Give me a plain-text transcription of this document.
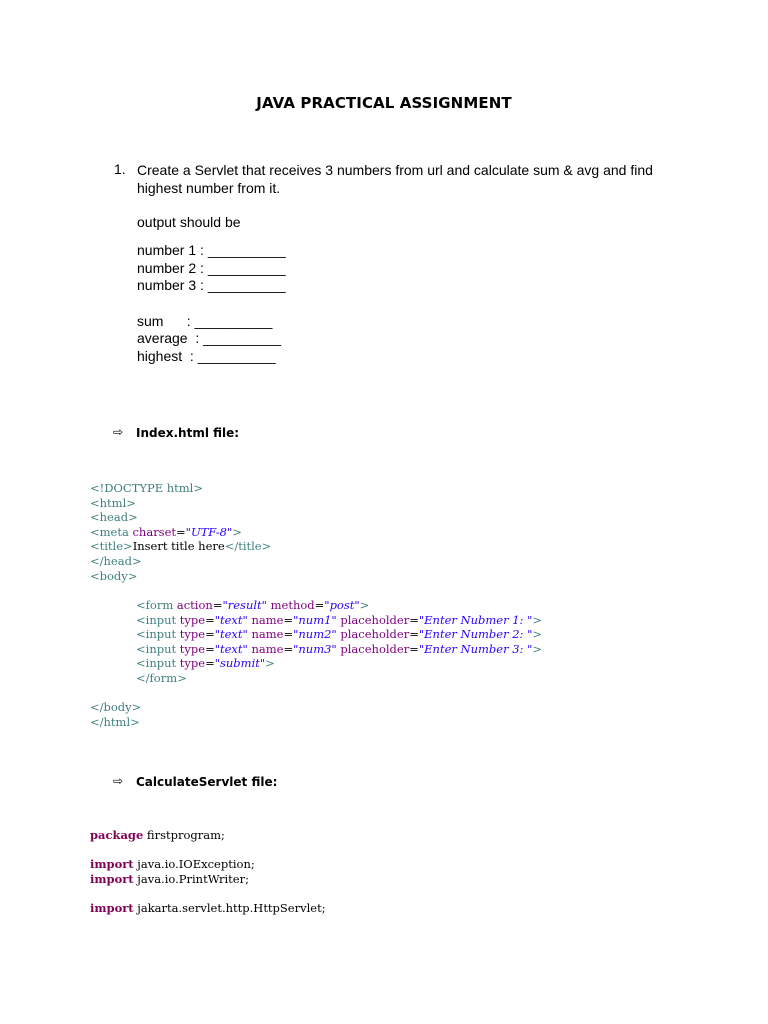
JAVA PRACTICAL ASSIGNMENT
1. Create a Servlet that receives 3 numbers from url and calculate sum & avg and find highest number from it.
output should be
number 1 : __________
number 2 : __________
number 3 : __________
sum      : __________
average  : __________
highest  : __________
⇨ Index.html file:
<!DOCTYPE html>
<html>
<head>
<meta charset="UTF-8">
<title>Insert title here</title>
</head>
<body>

<form action="result" method="post">
<input type="text" name="num1" placeholder="Enter Nubmer 1: ">
<input type="text" name="num2" placeholder="Enter Number 2: ">
<input type="text" name="num3" placeholder="Enter Number 3: ">
<input type="submit">
</form>

</body>
</html>

⇨ CalculateServlet file:
package firstprogram;

import java.io.IOException;
import java.io.PrintWriter;

import jakarta.servlet.http.HttpServlet;
